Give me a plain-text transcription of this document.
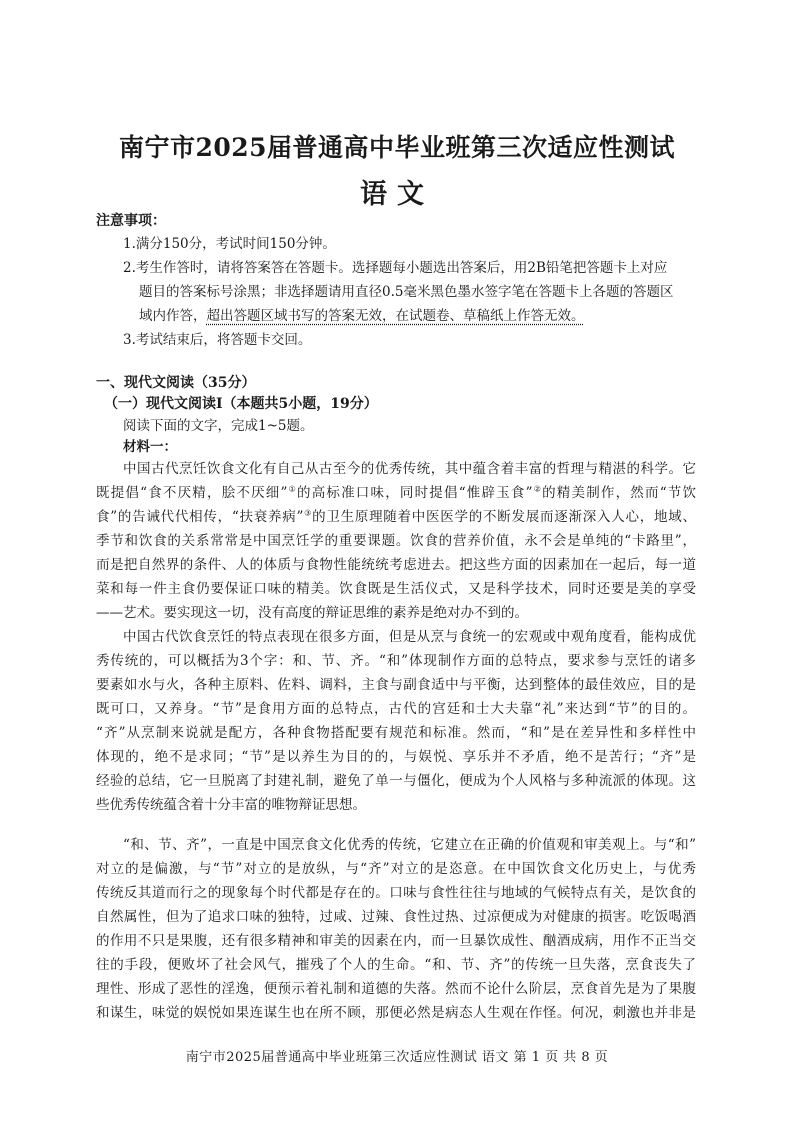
南宁市2025届普通高中毕业班第三次适应性测试
语文
注意事项：
1.满分150分，考试时间150分钟。
2.考生作答时，请将答案答在答题卡。选择题每小题选出答案后，用2B铅笔把答题卡上对应
题目的答案标号涂黑；非选择题请用直径0.5毫米黑色墨水签字笔在答题卡上各题的答题区
域内作答，超出答题区域书写的答案无效，在试题卷、草稿纸上作答无效。
3.考试结束后，将答题卡交回。
一、现代文阅读（35分）
（一）现代文阅读Ⅰ（本题共5小题，19分）
阅读下面的文字，完成1~5题。
材料一：
中国古代烹饪饮食文化有自己从古至今的优秀传统，其中蕴含着丰富的哲理与精湛的科学。它
既提倡“食不厌精，脍不厌细”①的高标准口味，同时提倡“惟辟玉食”②的精美制作，然而“节饮
食”的告诫代代相传，“扶衰养病”③的卫生原理随着中医医学的不断发展而逐渐深入人心，地域、
季节和饮食的关系常常是中国烹饪学的重要课题。饮食的营养价值，永不会是单纯的“卡路里”，
而是把自然界的条件、人的体质与食物性能统统考虑进去。把这些方面的因素加在一起后，每一道
菜和每一件主食仍要保证口味的精美。饮食既是生活仪式，又是科学技术，同时还要是美的享受
——艺术。要实现这一切，没有高度的辩证思维的素养是绝对办不到的。
中国古代饮食烹饪的特点表现在很多方面，但是从烹与食统一的宏观或中观角度看，能构成优
秀传统的，可以概括为3个字：和、节、齐。“和”体现制作方面的总特点，要求参与烹饪的诸多
要素如水与火，各种主原料、佐料、调料，主食与副食适中与平衡，达到整体的最佳效应，目的是
既可口，又养身。“节”是食用方面的总特点，古代的宫廷和士大夫靠“礼”来达到“节”的目的。
“齐”从烹制来说就是配方，各种食物搭配要有规范和标准。然而，“和”是在差异性和多样性中
体现的，绝不是求同；“节”是以养生为目的的，与娱悦、享乐并不矛盾，绝不是苦行；“齐”是
经验的总结，它一旦脱离了封建礼制，避免了单一与僵化，便成为个人风格与多种流派的体现。这
些优秀传统蕴含着十分丰富的唯物辩证思想。
“和、节、齐”，一直是中国烹食文化优秀的传统，它建立在正确的价值观和审美观上。与“和”
对立的是偏激，与“节”对立的是放纵，与“齐”对立的是恣意。在中国饮食文化历史上，与优秀
传统反其道而行之的现象每个时代都是存在的。口味与食性往往与地域的气候特点有关，是饮食的
自然属性，但为了追求口味的独特，过咸、过辣、食性过热、过凉便成为对健康的损害。吃饭喝酒
的作用不只是果腹，还有很多精神和审美的因素在内，而一旦暴饮成性、酗酒成病，用作不正当交
往的手段，便败坏了社会风气，摧残了个人的生命。“和、节、齐”的传统一旦失落，烹食丧失了
理性、形成了恶性的淫逸，便预示着礼制和道德的失落。然而不论什么阶层，烹食首先是为了果腹
和谋生，味觉的娱悦如果连谋生也在所不顾，那便必然是病态人生观在作怪。何况，刺激也并非是
南宁市2025届普通高中毕业班第三次适应性测试 语文 第 1 页 共 8 页
